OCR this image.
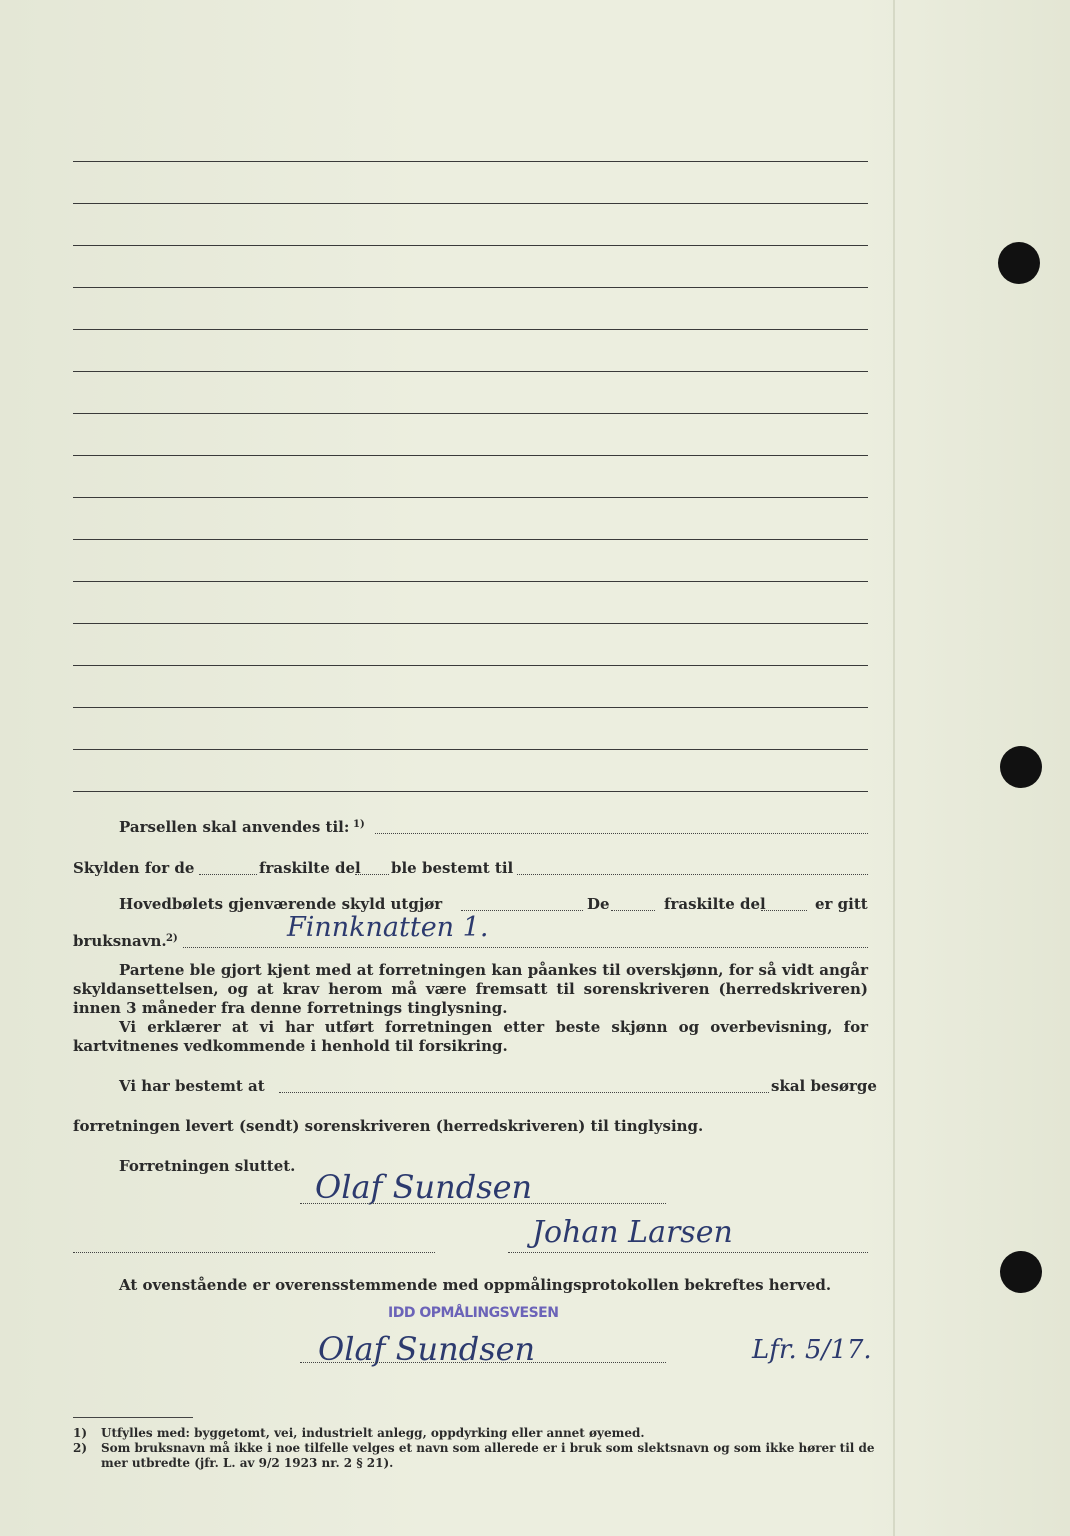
Parsellen skal anvendes til: 1)
Skylden for de	fraskilte del ble bestemt til
Hovedbølets gjenværende skyld utgjør	De	fraskilte del	er gitt
bruksnavn. 2)	Finnknatten 1.

Partene ble gjort kjent med at forretningen kan påankes til overskjønn, for så vidt angår skyldansettelsen, og at krav herom må være fremsatt til sorenskriveren (herredskriveren) innen 3 måneder fra denne forretnings tinglysning.

Vi erklærer at vi har utført forretningen etter beste skjønn og overbevisning, for kartvitnenes vedkommende i henhold til forsikring.

Vi har bestemt at	skal besørge
forretningen levert (sendt) sorenskriveren (herredskriveren) til tinglysing.
Forretningen sluttet.
Olaf Sundsen
Johan Larsen
At ovenstående er overensstemmende med oppmålingsprotokollen bekreftes herved.
IDD OPMÅLINGSVESEN
Olaf Sundsen	Lfr. 5/17.
1) Utfylles med: byggetomt, vei, industrielt anlegg, oppdyrking eller annet øyemed.
2) Som bruksnavn må ikke i noe tilfelle velges et navn som allerede er i bruk som slektsnavn og som ikke hører til de mer utbredte (jfr. L. av 9/2 1923 nr. 2 § 21).
